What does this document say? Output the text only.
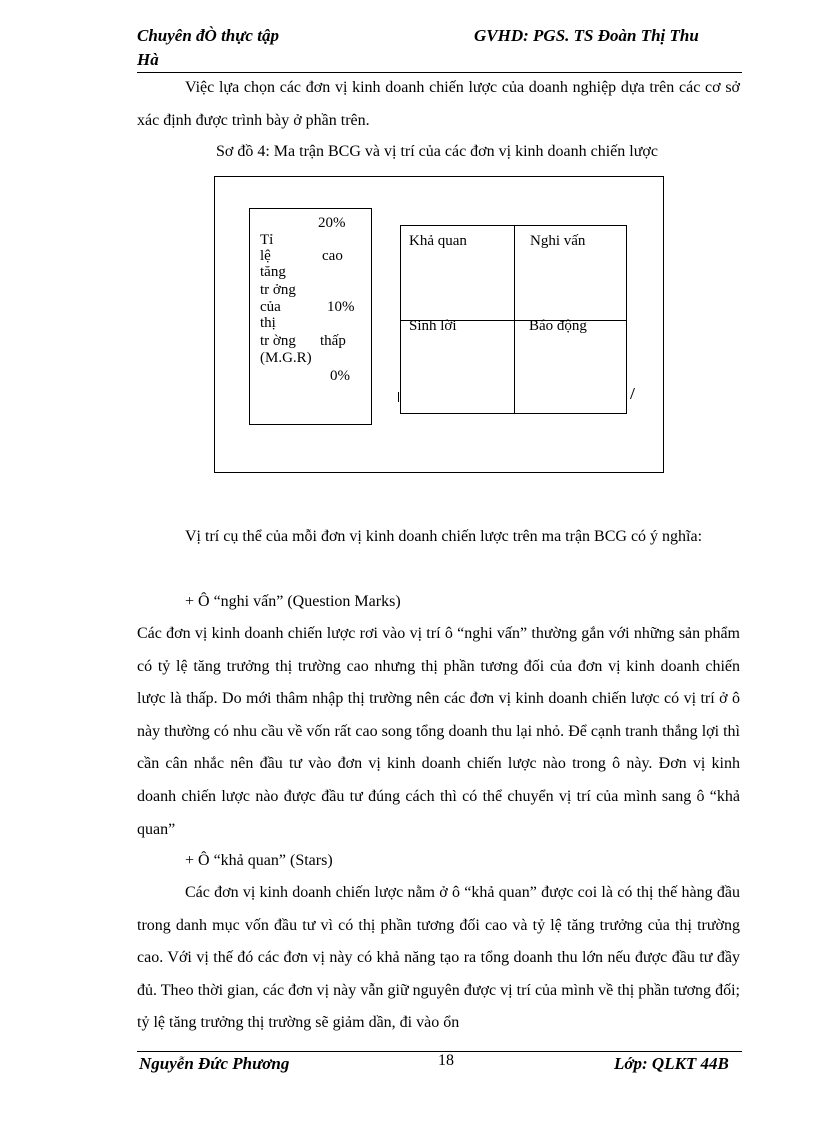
Chuyên đÒ thực tập
Hà
GVHD: PGS. TS Đoàn Thị Thu
Việc lựa chọn các đơn vị kinh doanh chiến lược của doanh nghiệp dựa trên các cơ sở xác định được trình bày ở phần trên.
Sơ đồ 4: Ma trận BCG và vị trí của các đơn vị kinh doanh chiến lược
20%
Tỉ
lệ	cao
tăng
tr ởng
của	10%
thị
tr ờng thấp
(M.G.R)
0%
Khả quan	Nghi vấn
Sinh lời	Báo động
Vị trí cụ thể của mỗi đơn vị kinh doanh chiến lược trên ma trận BCG có ý nghĩa:
+ Ô “nghi vấn” (Question Marks)
Các đơn vị kinh doanh chiến lược rơi vào vị trí ô “nghi vấn” thường gắn với những sản phẩm có tỷ lệ tăng trưởng thị trường cao nhưng thị phần tương đối của đơn vị kinh doanh chiến lược là thấp. Do mới thâm nhập thị trường nên các đơn vị kinh doanh chiến lược có vị trí ở ô này thường có nhu cầu về vốn rất cao song tổng doanh thu lại nhỏ. Để cạnh tranh thắng lợi thì cần cân nhắc nên đầu tư vào đơn vị kinh doanh chiến lược nào trong ô này. Đơn vị kinh doanh chiến lược nào được đầu tư đúng cách thì có thể chuyển vị trí của mình sang ô “khả quan”
+ Ô “khả quan” (Stars)
Các đơn vị kinh doanh chiến lược nằm ở ô “khả quan” được coi là có thị thế hàng đầu trong danh mục vốn đầu tư vì có thị phần tương đối cao và tỷ lệ tăng trưởng của thị trường cao. Với vị thế đó các đơn vị này có khả năng tạo ra tổng doanh thu lớn nếu được đầu tư đầy đủ. Theo thời gian, các đơn vị này vẫn giữ nguyên được vị trí của mình về thị phần tương đối; tỷ lệ tăng trưởng thị trường sẽ giảm dần, đi vào ổn
Nguyễn Đức Phương	18	Lớp: QLKT 44B
